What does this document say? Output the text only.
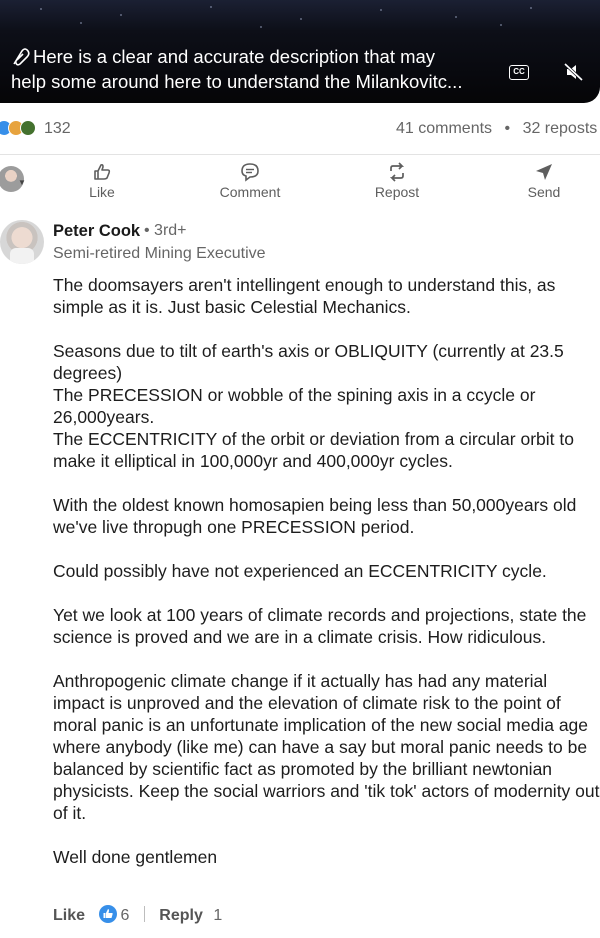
Here is a clear and accurate description that may
help some around here to understand the Milankovitc...	CC
132	41 comments • 32 reposts
▼
Like	Comment	Repost	Send
Peter Cook • 3rd+
Semi-retired Mining Executive

The doomsayers aren't intellingent enough to understand this, as simple as it is. Just basic Celestial Mechanics.

Seasons due to tilt of earth's axis or OBLIQUITY (currently at 23.5 degrees)
The PRECESSION or wobble of the spining axis in a ccycle or 26,000years.
The ECCENTRICITY of the orbit or deviation from a circular orbit to make it elliptical in 100,000yr and 400,000yr cycles.

With the oldest known homosapien being less than 50,000years old we've live thropugh one PRECESSION period.

Could possibly have not experienced an ECCENTRICITY cycle.

Yet we look at 100 years of climate records and projections, state the science is proved and we are in a climate crisis. How ridiculous.

Anthropogenic climate change if it actually has had any material impact is unproved and the elevation of climate risk to the point of moral panic is an unfortunate implication of the new social media age where anybody (like me) can have a say but moral panic needs to be balanced by scientific fact as promoted by the brilliant newtonian physicists. Keep the social warriors and 'tik tok' actors of modernity out of it.

Well done gentlemen

Like 6 Reply 1
